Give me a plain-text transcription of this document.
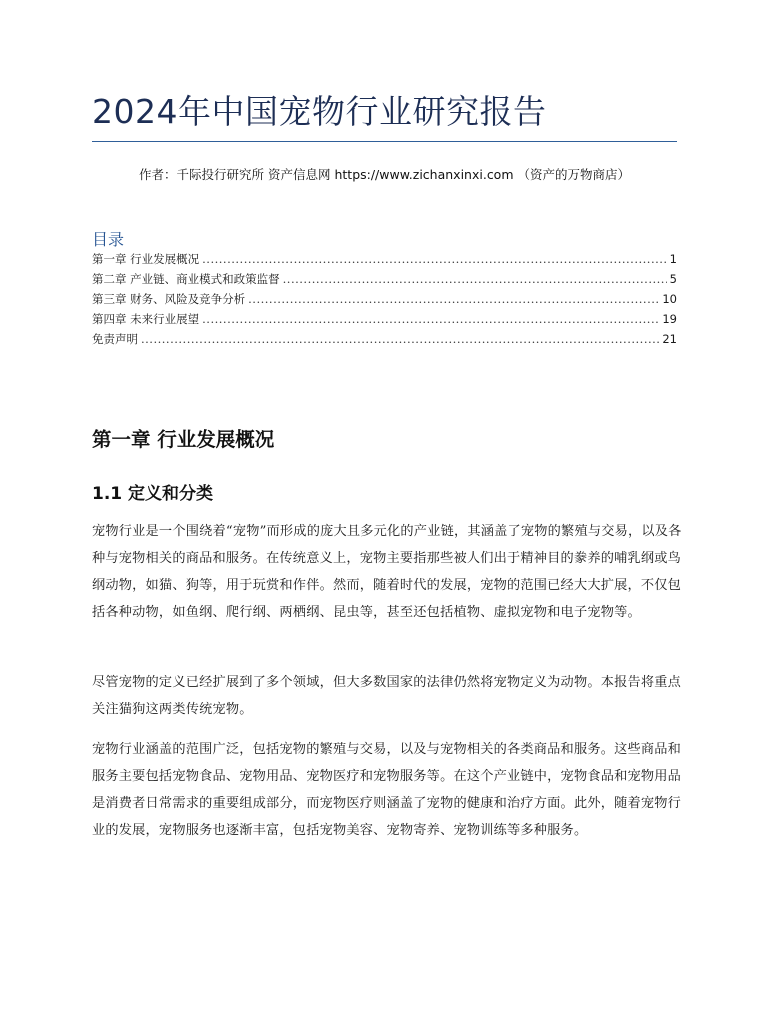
2024年中国宠物行业研究报告
作者：千际投行研究所 资产信息网 https://www.zichanxinxi.com （资产的万物商店）
目录
第一章 行业发展概况 .....	1
第二章 产业链、商业模式和政策监督 .....	5
第三章 财务、风险及竞争分析 .....	10
第四章 未来行业展望 .....	19
免责声明 .....	21
第一章 行业发展概况
1.1 定义和分类

宠物行业是一个围绕着“宠物”而形成的庞大且多元化的产业链，其涵盖了宠物的繁殖与交易，以及各种与宠物相关的商品和服务。在传统意义上，宠物主要指那些被人们出于精神目的豢养的哺乳纲或鸟纲动物，如猫、狗等，用于玩赏和作伴。然而，随着时代的发展，宠物的范围已经大大扩展，不仅包括各种动物，如鱼纲、爬行纲、两栖纲、昆虫等，甚至还包括植物、虚拟宠物和电子宠物等。

尽管宠物的定义已经扩展到了多个领域，但大多数国家的法律仍然将宠物定义为动物。本报告将重点关注猫狗这两类传统宠物。

宠物行业涵盖的范围广泛，包括宠物的繁殖与交易，以及与宠物相关的各类商品和服务。这些商品和服务主要包括宠物食品、宠物用品、宠物医疗和宠物服务等。在这个产业链中，宠物食品和宠物用品是消费者日常需求的重要组成部分，而宠物医疗则涵盖了宠物的健康和治疗方面。此外，随着宠物行业的发展，宠物服务也逐渐丰富，包括宠物美容、宠物寄养、宠物训练等多种服务。
